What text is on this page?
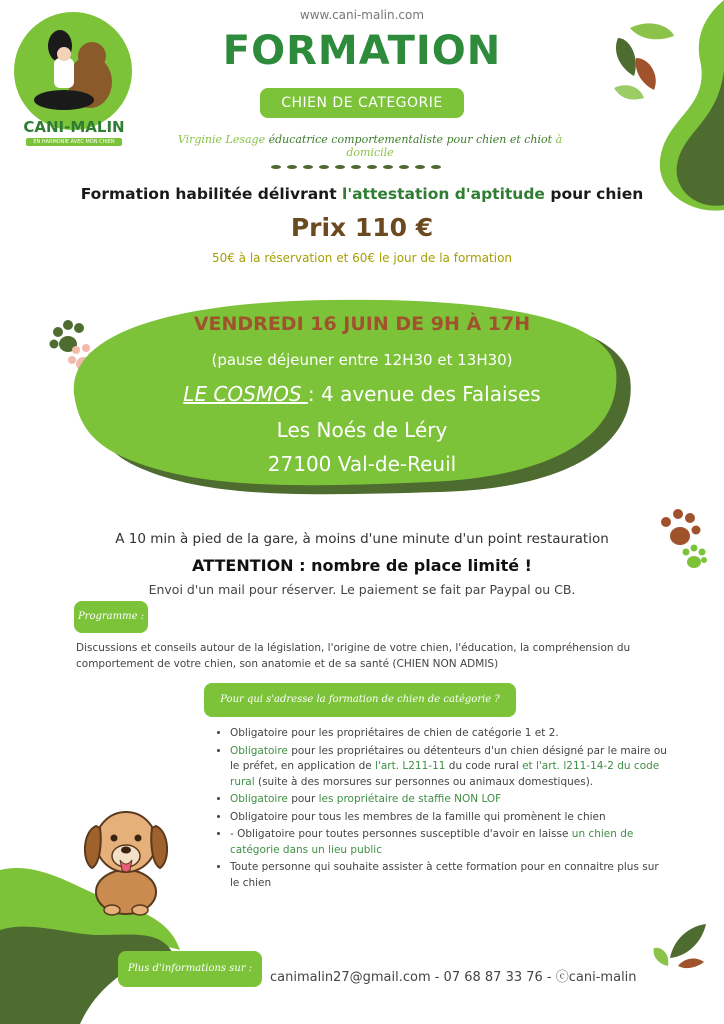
CANI-MALIN
EN HARMONIE AVEC MON CHIEN
www.cani-malin.com
FORMATION
CHIEN DE CATEGORIE
Virginie Lesage éducatrice comportementaliste pour chien et chiot à domicile
Formation habilitée délivrant l'attestation d'aptitude pour chien
Prix 110 €
50€ à la réservation et 60€ le jour de la formation
VENDREDI 16 JUIN DE 9H À 17H
(pause déjeuner entre 12H30 et 13H30)
LE COSMOS : 4 avenue des Falaises
Les Noés de Léry
27100 Val-de-Reuil
A 10 min à pied de la gare, à moins d'une minute d'un point restauration
ATTENTION : nombre de place limité !
Envoi d'un mail pour réserver. Le paiement se fait par Paypal ou CB.
Programme :
Discussions et conseils autour de la législation, l'origine de votre chien, l'éducation, la compréhension du comportement de votre chien, son anatomie et de sa santé (CHIEN NON ADMIS)
Pour qui s'adresse la formation de chien de catégorie ?
• Obligatoire pour les propriétaires de chien de catégorie 1 et 2.
• Obligatoire pour les propriétaires ou détenteurs d'un chien désigné par le maire ou le préfet, en application de l'art. L211-11 du code rural et l'art. l211-14-2 du code rural (suite à des morsures sur personnes ou animaux domestiques).
• Obligatoire pour les propriétaire de staffie NON LOF
• Obligatoire pour tous les membres de la famille qui promènent le chien
• - Obligatoire pour toutes personnes susceptible d'avoir en laisse un chien de catégorie dans un lieu public
• Toute personne qui souhaite assister à cette formation pour en connaitre plus sur le chien
Plus d'informations sur :
canimalin27@gmail.com - 07 68 87 33 76 - ⓒcani-malin
